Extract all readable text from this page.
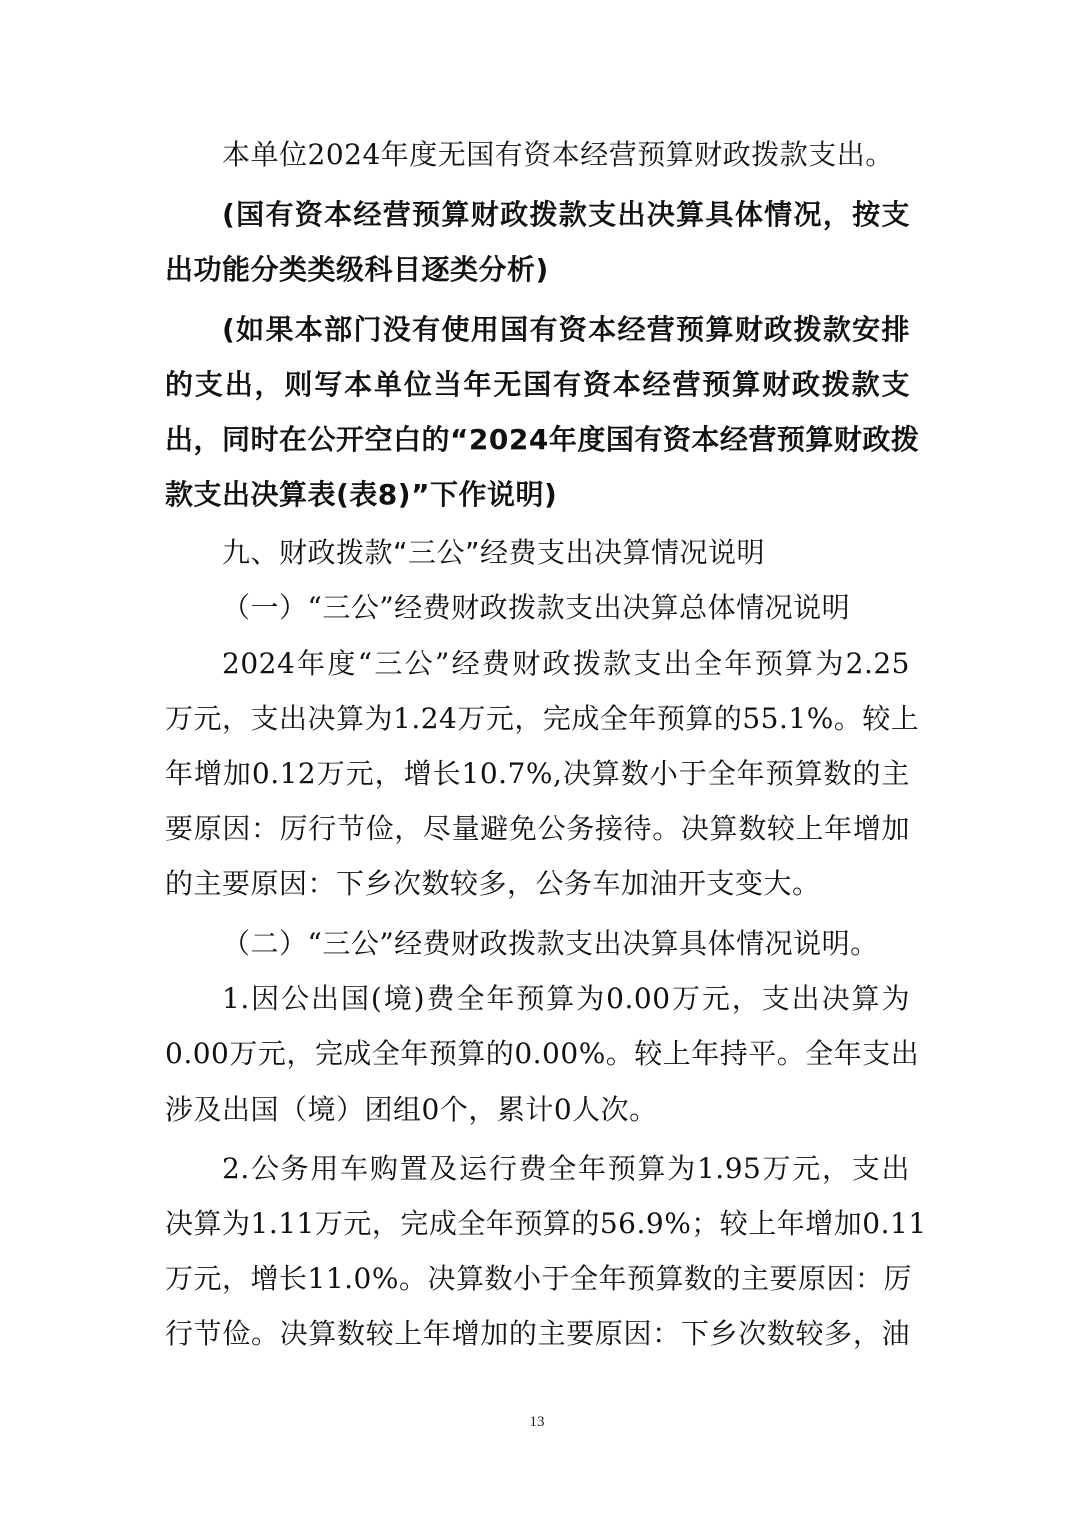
本单位2024年度无国有资本经营预算财政拨款支出。
(国有资本经营预算财政拨款支出决算具体情况，按支
出功能分类类级科目逐类分析)
(如果本部门没有使用国有资本经营预算财政拨款安排
的支出，则写本单位当年无国有资本经营预算财政拨款支
出，同时在公开空白的“2024年度国有资本经营预算财政拨
款支出决算表(表8)”下作说明)
九、财政拨款“三公”经费支出决算情况说明
（一）“三公”经费财政拨款支出决算总体情况说明
2024年度“三公”经费财政拨款支出全年预算为2.25
万元，支出决算为1.24万元，完成全年预算的55.1%。较上
年增加0.12万元，增长10.7%,决算数小于全年预算数的主
要原因：厉行节俭，尽量避免公务接待。决算数较上年增加
的主要原因：下乡次数较多，公务车加油开支变大。
（二）“三公”经费财政拨款支出决算具体情况说明。
1.因公出国(境)费全年预算为0.00万元，支出决算为
0.00万元，完成全年预算的0.00%。较上年持平。全年支出
涉及出国（境）团组0个，累计0人次。
2.公务用车购置及运行费全年预算为1.95万元，支出
决算为1.11万元，完成全年预算的56.9%；较上年增加0.11
万元，增长11.0%。决算数小于全年预算数的主要原因：厉
行节俭。决算数较上年增加的主要原因：下乡次数较多，油
13
